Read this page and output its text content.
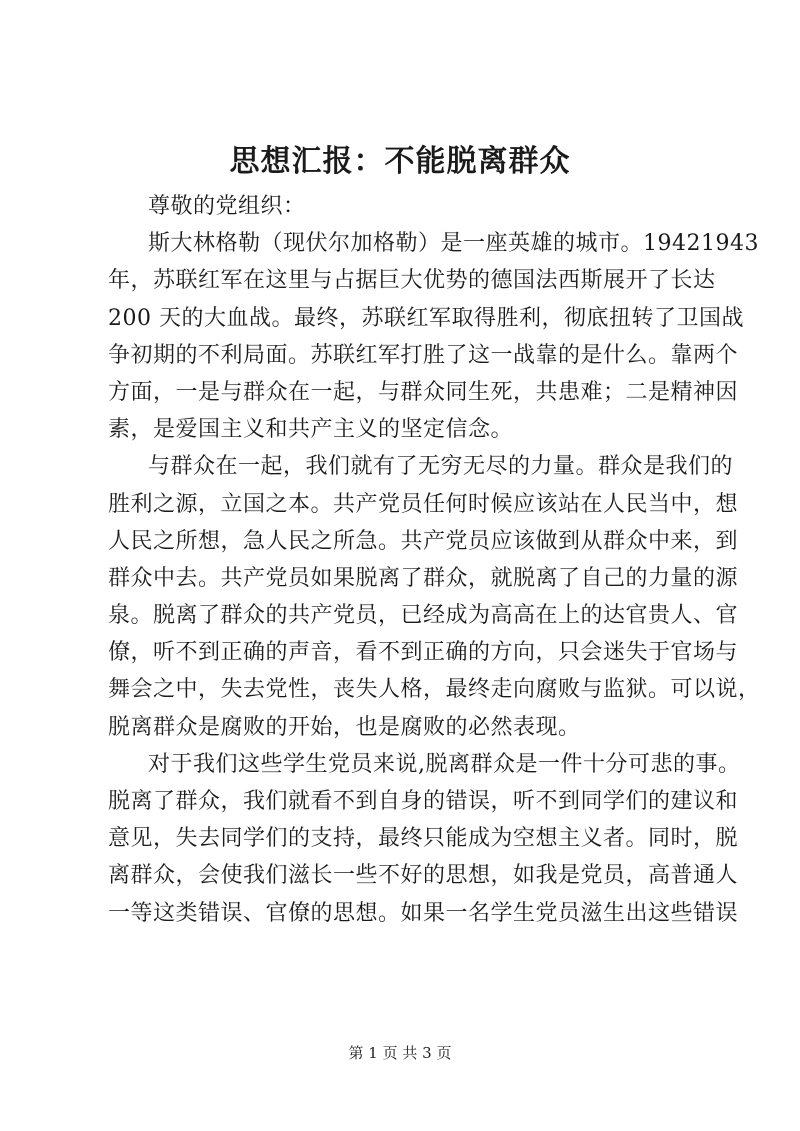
思想汇报：不能脱离群众
尊敬的党组织：
斯大林格勒（现伏尔加格勒）是一座英雄的城市。19421943
年，苏联红军在这里与占据巨大优势的德国法西斯展开了长达
200 天的大血战。最终，苏联红军取得胜利，彻底扭转了卫国战
争初期的不利局面。苏联红军打胜了这一战靠的是什么。靠两个
方面，一是与群众在一起，与群众同生死，共患难；二是精神因
素，是爱国主义和共产主义的坚定信念。
与群众在一起，我们就有了无穷无尽的力量。群众是我们的
胜利之源，立国之本。共产党员任何时候应该站在人民当中，想
人民之所想，急人民之所急。共产党员应该做到从群众中来，到
群众中去。共产党员如果脱离了群众，就脱离了自己的力量的源
泉。脱离了群众的共产党员，已经成为高高在上的达官贵人、官
僚，听不到正确的声音，看不到正确的方向，只会迷失于官场与
舞会之中，失去党性，丧失人格，最终走向腐败与监狱。可以说，
脱离群众是腐败的开始，也是腐败的必然表现。
对于我们这些学生党员来说,脱离群众是一件十分可悲的事。
脱离了群众，我们就看不到自身的错误，听不到同学们的建议和
意见，失去同学们的支持，最终只能成为空想主义者。同时，脱
离群众，会使我们滋长一些不好的思想，如我是党员，高普通人
一等这类错误、官僚的思想。如果一名学生党员滋生出这些错误
第 1 页 共 3 页
